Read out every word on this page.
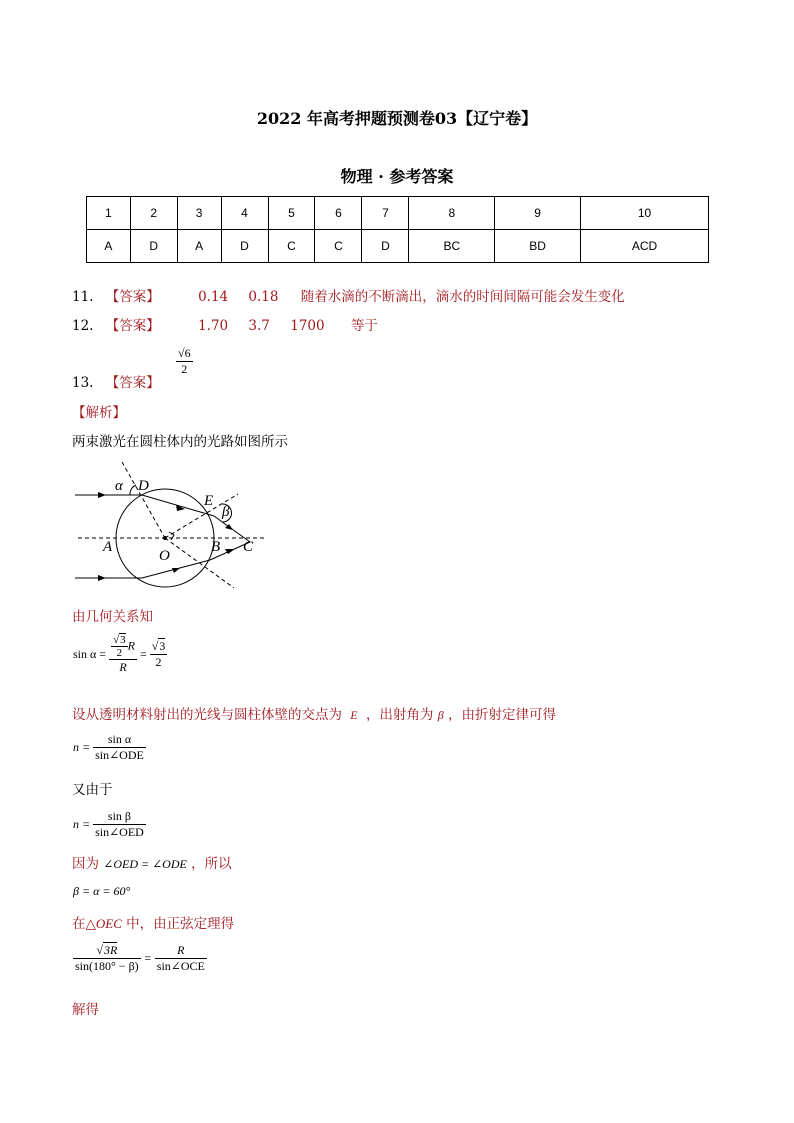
2022 年高考押题预测卷03【辽宁卷】
物理 · 参考答案
1	2	3	4	5	6	7	8	9	10
A	D	A	D	C	C	D	BC	BD	ACD
11. 【答案】	0.14 0.18 随着水滴的不断滴出，滴水的时间间隔可能会发生变化
12. 【答案】	1.70 3.7 1700 等于
13. 【答案】
$\frac{√6}{2}$
【解析】
两束激光在圆柱体内的光路如图所示
α D
E
β
A
O
B C
由几何关系知
$\sin \alpha = \frac{\frac{√3}{2} R}{R} = \frac{√3}{2}$
设从透明材料射出的光线与圆柱体壁的交点为 E ，出射角为 β ，由折射定律可得
$n = \frac{\text{sin α}}{\text{sin∠ODE}}$
又由于
$n = \frac{\text{sin β}}{\text{sin∠OED}}$
因为 ∠OED = ∠ODE ，所以
β = α = 60°
在△OEC 中，由正弦定理得
$\frac{√3R}{\sin(180^\circ - \beta)} = \frac{R}{\text{sin∠OCE}}$
解得
